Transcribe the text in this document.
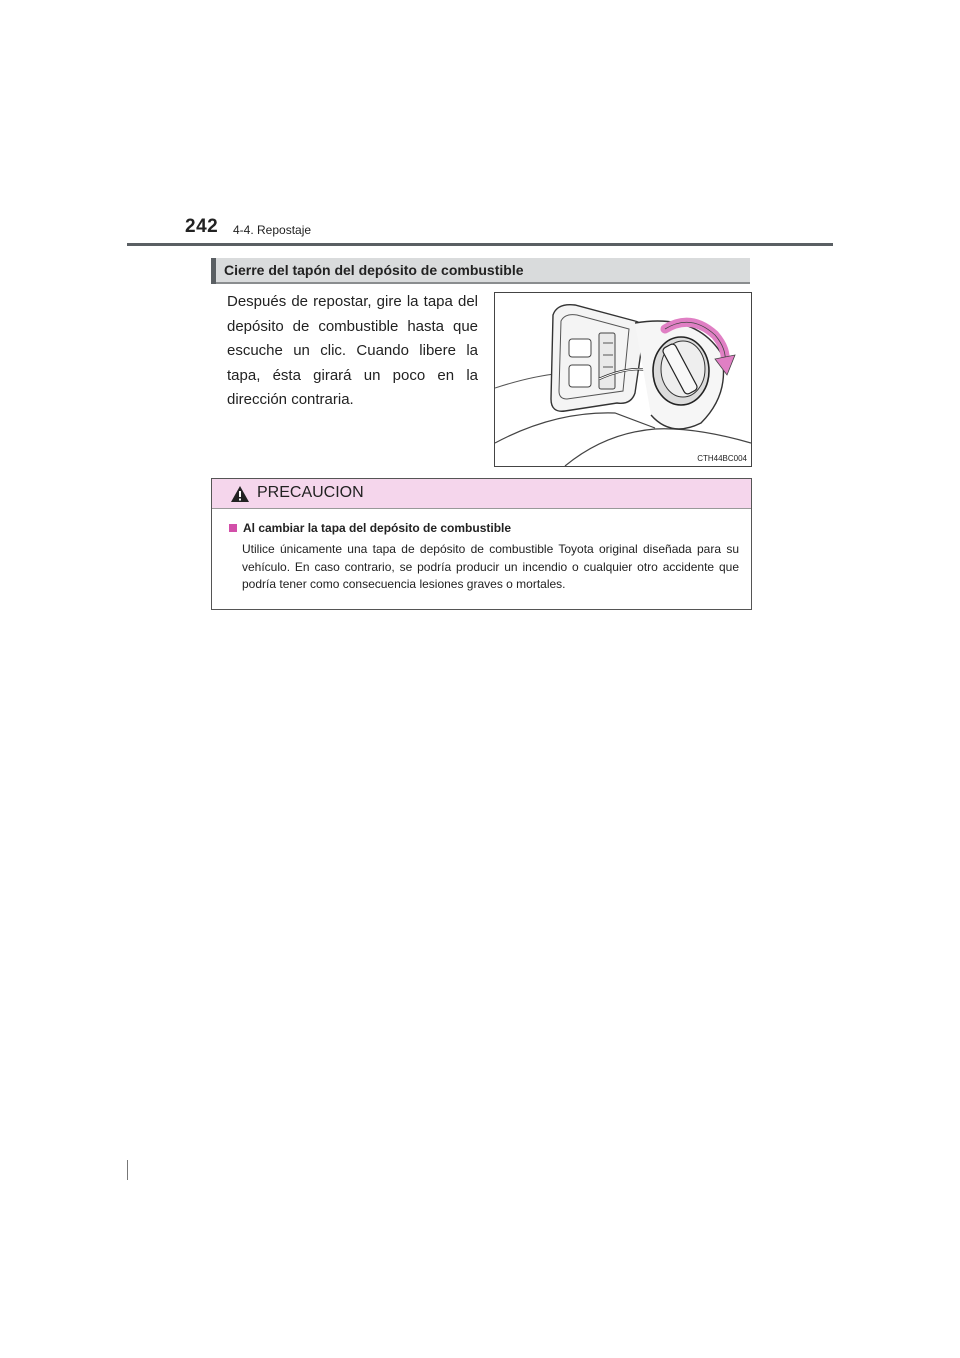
242 4-4. Repostaje
Cierre del tapón del depósito de combustible
Después de repostar, gire la tapa del depósito de combustible hasta que escuche un clic. Cuando libere la tapa, ésta girará un poco en la dirección contraria.
CTH44BC004
PRECAUCION
Al cambiar la tapa del depósito de combustible
Utilice únicamente una tapa de depósito de combustible Toyota original diseñada para su vehículo. En caso contrario, se podría producir un incendio o cualquier otro accidente que podría tener como consecuencia lesiones graves o mortales.
